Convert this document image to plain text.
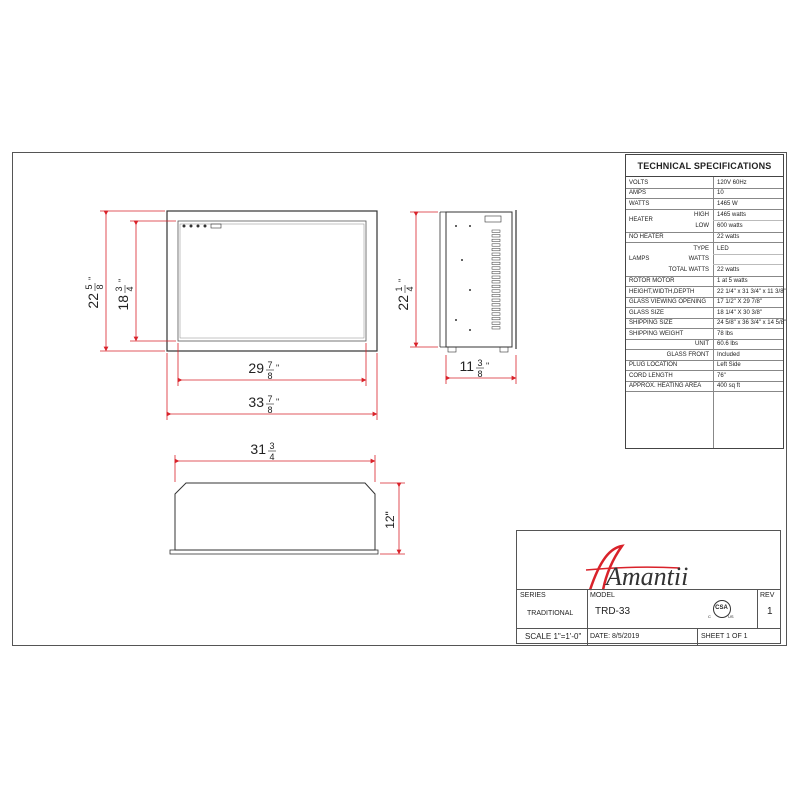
22
5 8
"
18
3 4
"
29 7
8
"
33 7
8
"
22
1 4
"
11 3
8
"
31 3
4
12"
Amantii
TECHNICAL SPECIFICATIONS
VOLTS	120V 60Hz
AMPS	10
WATTS	1465 W
HEATER
HIGH 1465 watts
LOW 600 watts
NO HEATER	22 watts
LAMPS
TYPE LED
WATTS
TOTAL WATTS 22 watts
ROTOR MOTOR	1 at 5 watts
HEIGHT,WIDTH,DEPTH	22 1/4" x 31 3/4" x 11 3/8"
GLASS VIEWING OPENING 17 1/2" X 29 7/8"
GLASS SIZE	18 1/4" X 30 3/8"
SHIPPING SIZE	24 5/8" x 36 3/4" x 14 5/8"
SHIPPING WEIGHT	78 lbs
UNIT 60.6 lbs
GLASS FRONT Included
PLUG LOCATION	Left Side
CORD LENGTH	76"
APPROX. HEATING AREA	400 sq ft
SERIES
TRADITIONAL
MODEL
TRD-33
REV
1
CSA
C	US
SCALE 1"=1'-0" DATE: 8/5/2019	SHEET 1 OF 1
